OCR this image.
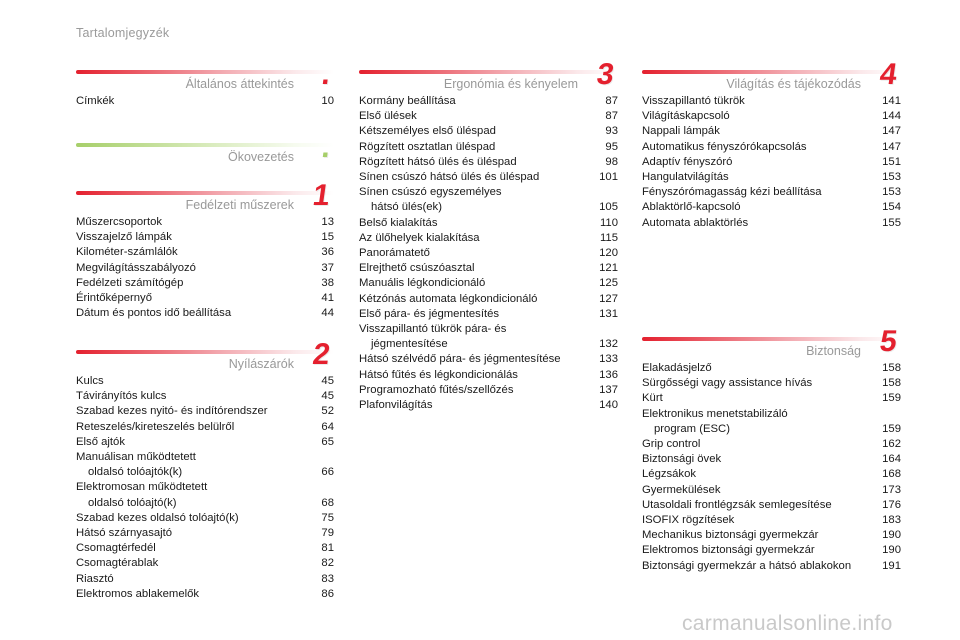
Tartalomjegyzék
Általános áttekintés .
Címkék	10
Ökovezetés .
Fedélzeti műszerek 1
Műszercsoportok	13
Visszajelző lámpák	15
Kilométer-számlálók	36
Megvilágításszabályozó	37
Fedélzeti számítógép	38
Érintőképernyő	41
Dátum és pontos idő beállítása	44
Nyílászárók 2
Kulcs	45
Távirányítós kulcs	45
Szabad kezes nyitó- és indítórendszer	52
Reteszelés/kireteszelés belülről	64
Első ajtók	65
Manuálisan működtetett
oldalsó tolóajtók(k)	66
Elektromosan működtetett
oldalsó tolóajtó(k)	68
Szabad kezes oldalsó tolóajtó(k)	75
Hátsó szárnyasajtó	79
Csomagtérfedél	81
Csomagtérablak	82
Riasztó	83
Elektromos ablakemelők	86
Ergonómia és kényelem 3
Kormány beállítása	87
Első ülések	87
Kétszemélyes első üléspad	93
Rögzített osztatlan üléspad	95
Rögzített hátsó ülés és üléspad	98
Sínen csúszó hátsó ülés és üléspad	101
Sínen csúszó egyszemélyes
hátsó ülés(ek)	105
Belső kialakítás	110
Az ülőhelyek kialakítása	115
Panorámatető	120
Elrejthető csúszóasztal	121
Manuális légkondicionáló	125
Kétzónás automata légkondicionáló	127
Első pára- és jégmentesítés	131
Visszapillantó tükrök pára- és
jégmentesítése	132
Hátsó szélvédő pára- és jégmentesítése	133
Hátsó fűtés és légkondicionálás	136
Programozható fűtés/szellőzés	137
Plafonvilágítás	140
Világítás és tájékozódás 4
Visszapillantó tükrök	141
Világításkapcsoló	144
Nappali lámpák	147
Automatikus fényszórókapcsolás	147
Adaptív fényszóró	151
Hangulatvilágítás	153
Fényszórómagasság kézi beállítása	153
Ablaktörlő-kapcsoló	154
Automata ablaktörlés	155
Biztonság 5
Elakadásjelző	158
Sürgősségi vagy assistance hívás	158
Kürt	159
Elektronikus menetstabilizáló
program (ESC)	159
Grip control	162
Biztonsági övek	164
Légzsákok	168
Gyermekülések	173
Utasoldali frontlégzsák semlegesítése	176
ISOFIX rögzítések	183
Mechanikus biztonsági gyermekzár	190
Elektromos biztonsági gyermekzár	190
Biztonsági gyermekzár a hátsó ablakokon	191
carmanualsonline.info
